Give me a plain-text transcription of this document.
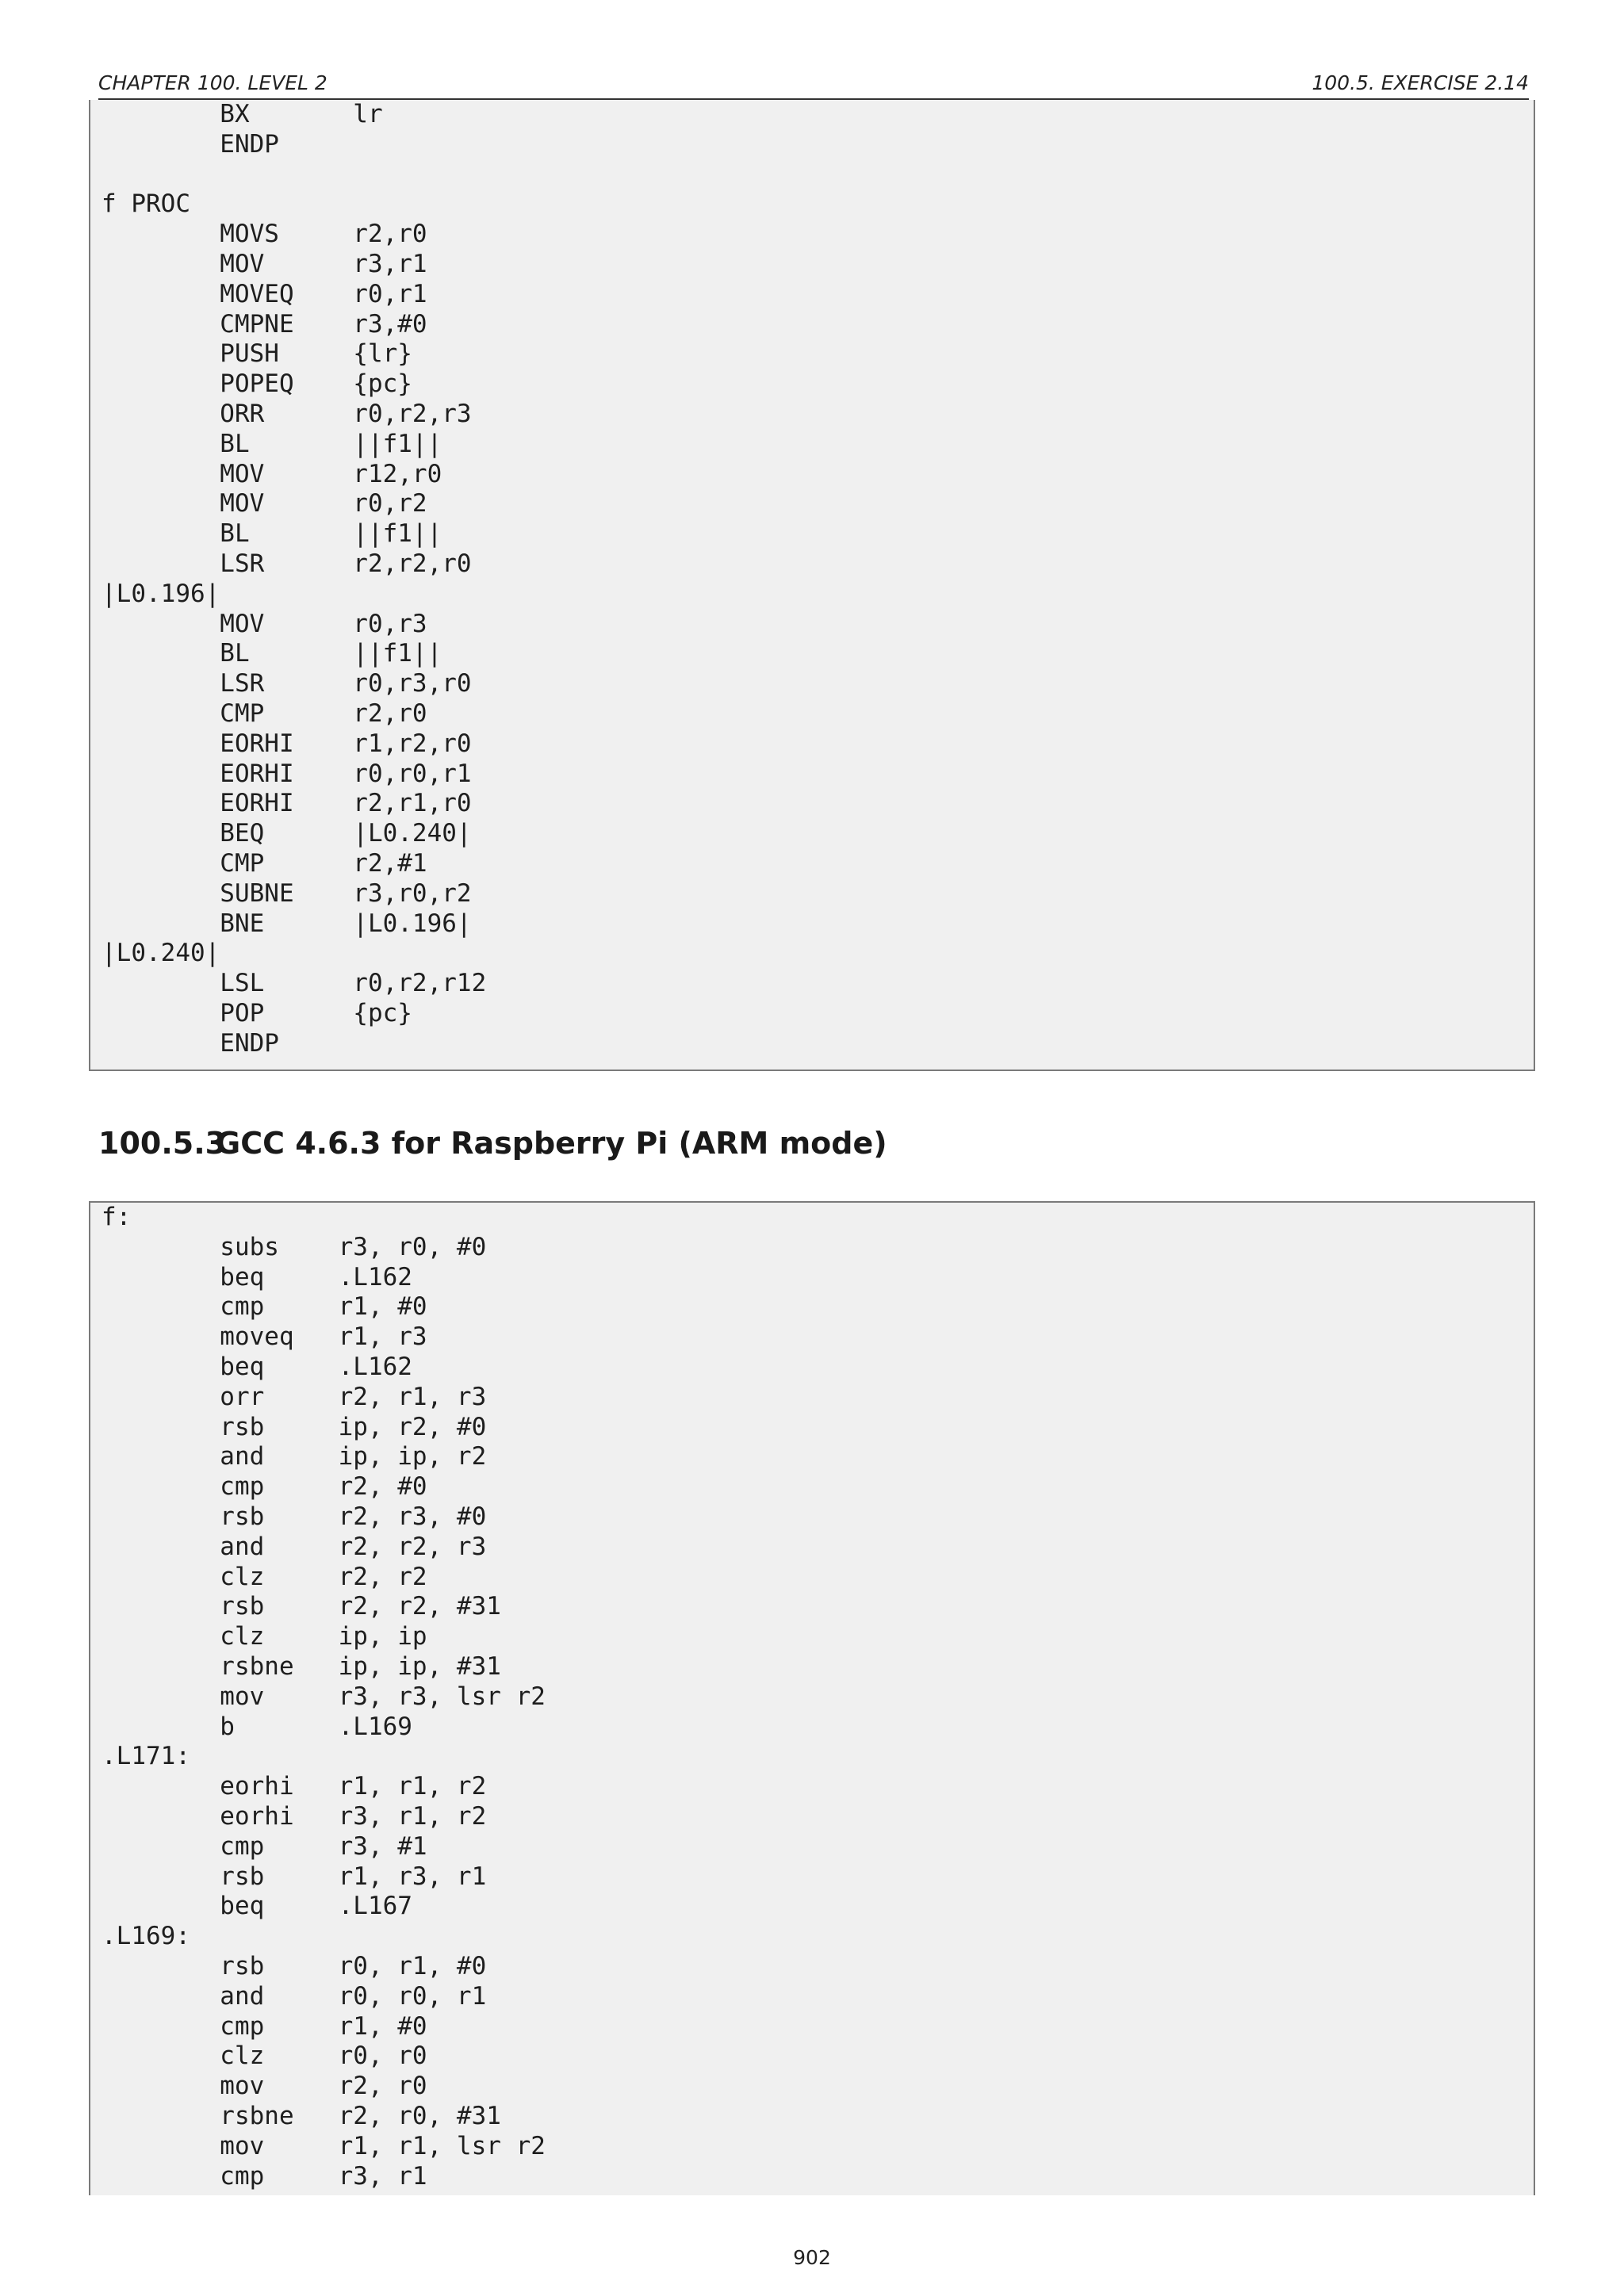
CHAPTER 100. LEVEL 2	100.5. EXERCISE 2.14
BX       lr
ENDP
f PROC
MOVS     r2,r0
MOV      r3,r1
MOVEQ    r0,r1
CMPNE    r3,#0
PUSH     {lr}
POPEQ    {pc}
ORR      r0,r2,r3
BL       ||f1||
MOV      r12,r0
MOV      r0,r2
BL       ||f1||
LSR      r2,r2,r0
|L0.196|
MOV      r0,r3
BL       ||f1||
LSR      r0,r3,r0
CMP      r2,r0
EORHI    r1,r2,r0
EORHI    r0,r0,r1
EORHI    r2,r1,r0
BEQ      |L0.240|
CMP      r2,#1
SUBNE    r3,r0,r2
BNE      |L0.196|
|L0.240|
LSL      r0,r2,r12
POP      {pc}
ENDP
100.5.3GCC 4.6.3 for Raspberry Pi (ARM mode)
f:
subs    r3, r0, #0
beq     .L162
cmp     r1, #0
moveq   r1, r3
beq     .L162
orr     r2, r1, r3
rsb     ip, r2, #0
and     ip, ip, r2
cmp     r2, #0
rsb     r2, r3, #0
and     r2, r2, r3
clz     r2, r2
rsb     r2, r2, #31
clz     ip, ip
rsbne   ip, ip, #31
mov     r3, r3, lsr r2
b       .L169
.L171:
eorhi   r1, r1, r2
eorhi   r3, r1, r2
cmp     r3, #1
rsb     r1, r3, r1
beq     .L167
.L169:
rsb     r0, r1, #0
and     r0, r0, r1
cmp     r1, #0
clz     r0, r0
mov     r2, r0
rsbne   r2, r0, #31
mov     r1, r1, lsr r2
cmp     r3, r1
902
